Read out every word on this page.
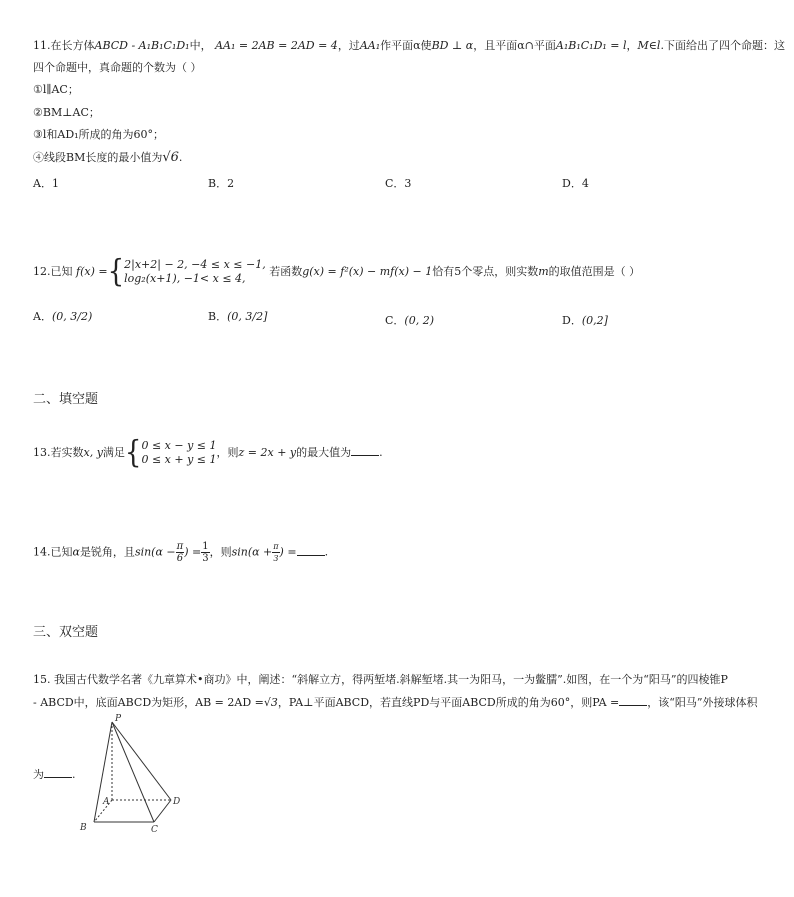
11.在长方体ABCD - A₁B₁C₁D₁中， AA₁ = 2AB = 2AD = 4，过AA₁作平面α使BD ⊥ α，且平面α∩平面A₁B₁C₁D₁ = l，M∈l.下面给出了四个命题：这
四个命题中，真命题的个数为（ ）
①l∥AC；
②BM⊥AC；
③l和AD₁所成的角为60°；
④线段BM长度的最小值为√6.
A．1	B．2	C．3	D．4
12.已知 f(x) ={ 2|x+2| − 2, −4 ≤ x ≤ −1,
log₂(x+1), −1< x ≤ 4,
若函数g(x) = f²(x) − mf(x) − 1恰有5个零点，则实数m的取值范围是（ ）
A．(0, 3/2)	B．(0, 3/2]	C．(0, 2)	D．(0,2]
二、填空题
13.若实数x, y满足{ 0 ≤ x − y ≤ 1
0 ≤ x + y ≤ 1
，则z = 2x + y的最大值为	.
14.已知α是锐角，且$\sin(\alpha - \frac{\pi}{6}$ ) = $\frac{1}{3}$ ，则$\sin(\alpha + \frac{\pi}{3}$ ) =	.
三、双空题
15. 我国古代数学名著《九章算术•商功》中，阐述：“斜解立方，得两堑堵.斜解堑堵.其一为阳马，一为鳖臑”.如图，在一个为“阳马”的四棱锥P
- ABCD中，底面ABCD为矩形，AB = 2AD =√3，PA⊥平面ABCD，若直线PD与平面ABCD所成的角为60°，则PA =	，该“阳马”外接球体积
为	.
P
A
B	C
D
